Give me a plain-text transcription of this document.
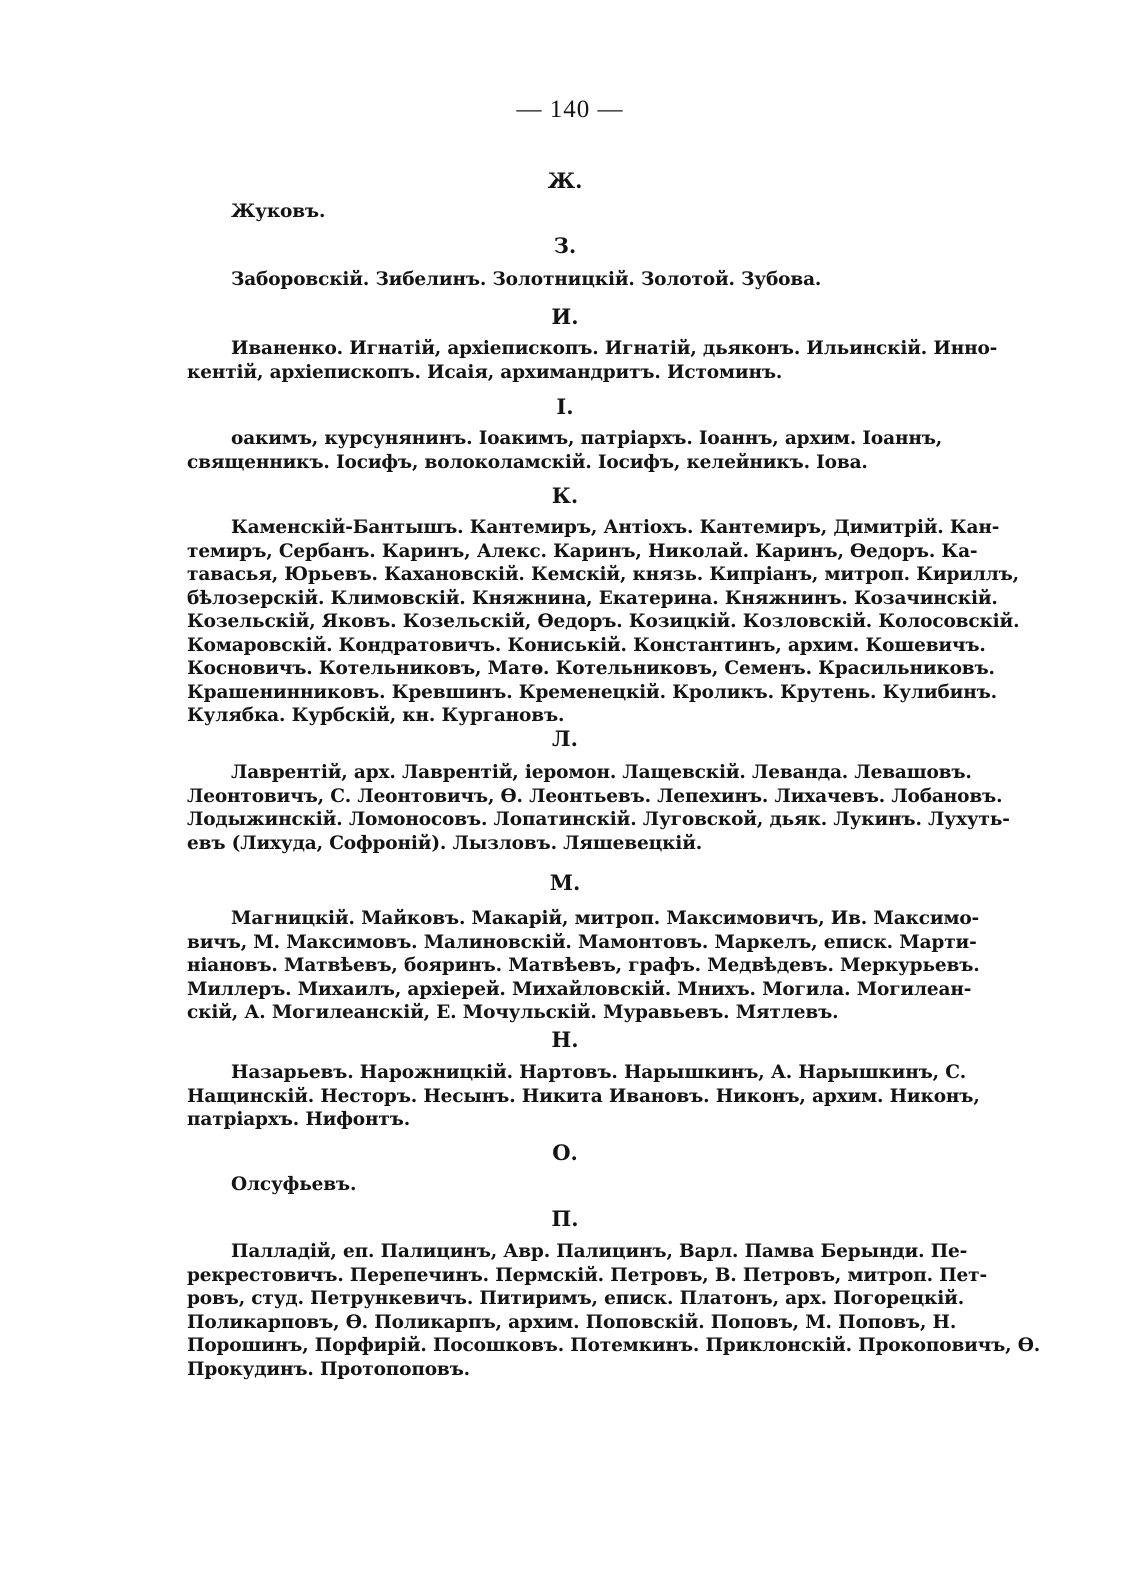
— 140 —
Ж.
Жуковъ.
З.
Заборовскій. Зибелинъ. Золотницкій. Золотой. Зубова.
И.
Иваненко. Игнатій, архіепископъ. Игнатій, дьяконъ. Ильинскій. Инно-
кентій, архіепископъ. Исаія, архимандритъ. Истоминъ.
I.
оакимъ, курсунянинъ. Іоакимъ, патріархъ. Іоаннъ, архим. Іоаннъ,
священникъ. Іосифъ, волоколамскій. Іосифъ, келейникъ. Іова.
К.
Каменскій-Бантышъ. Кантемиръ, Антіохъ. Кантемиръ, Димитрій. Кан-
темиръ, Сербанъ. Каринъ, Алекс. Каринъ, Николай. Каринъ, Ѳедоръ. Ка-
тавасья, Юрьевъ. Кахановскій. Кемскій, князь. Кипріанъ, митроп. Кириллъ,
бѣлозерскій. Климовскій. Княжнина, Екатерина. Княжнинъ. Козачинскій.
Козельскій, Яковъ. Козельскій, Ѳедоръ. Козицкій. Козловскій. Колосовскій.
Комаровскій. Кондратовичъ. Кониській. Константинъ, архим. Кошевичъ.
Косновичъ. Котельниковъ, Матѳ. Котельниковъ, Семенъ. Красильниковъ.
Крашенинниковъ. Кревшинъ. Кременецкій. Кроликъ. Крутень. Кулибинъ.
Кулябка. Курбскій, кн. Кургановъ.
Л.
Лаврентій, арх. Лаврентій, іеромон. Лащевскій. Леванда. Левашовъ.
Леонтовичъ, С. Леонтовичъ, Ѳ. Леонтьевъ. Лепехинъ. Лихачевъ. Лобановъ.
Лодыжинскій. Ломоносовъ. Лопатинскій. Луговской, дьяк. Лукинъ. Лухуть-
евъ (Лихуда, Софроній). Лызловъ. Ляшевецкій.
М.
Магницкій. Майковъ. Макарій, митроп. Максимовичъ, Ив. Максимо-
вичъ, М. Максимовъ. Малиновскій. Мамонтовъ. Маркелъ, еписк. Марти-
ніановъ. Матвѣевъ, бояринъ. Матвѣевъ, графъ. Медвѣдевъ. Меркурьевъ.
Миллеръ. Михаилъ, архіерей. Михайловскій. Мнихъ. Могила. Могилеан-
скій, А. Могилеанскій, Е. Мочульскій. Муравьевъ. Мятлевъ.
Н.
Назарьевъ. Нарожницкій. Нартовъ. Нарышкинъ, А. Нарышкинъ, С.
Нащинскій. Несторъ. Несынъ. Никита Ивановъ. Никонъ, архим. Никонъ,
патріархъ. Нифонтъ.
О.
Олсуфьевъ.
П.
Палладій, еп. Палицинъ, Авр. Палицинъ, Варл. Памва Берынди. Пе-
рекрестовичъ. Перепечинъ. Пермскій. Петровъ, В. Петровъ, митроп. Пет-
ровъ, студ. Петрункевичъ. Питиримъ, еписк. Платонъ, арх. Погорецкій.
Поликарповъ, Ѳ. Поликарпъ, архим. Поповскій. Поповъ, М. Поповъ, Н.
Порошинъ, Порфирій. Посошковъ. Потемкинъ. Приклонскій. Прокоповичъ, Ѳ.
Прокудинъ. Протопоповъ.
